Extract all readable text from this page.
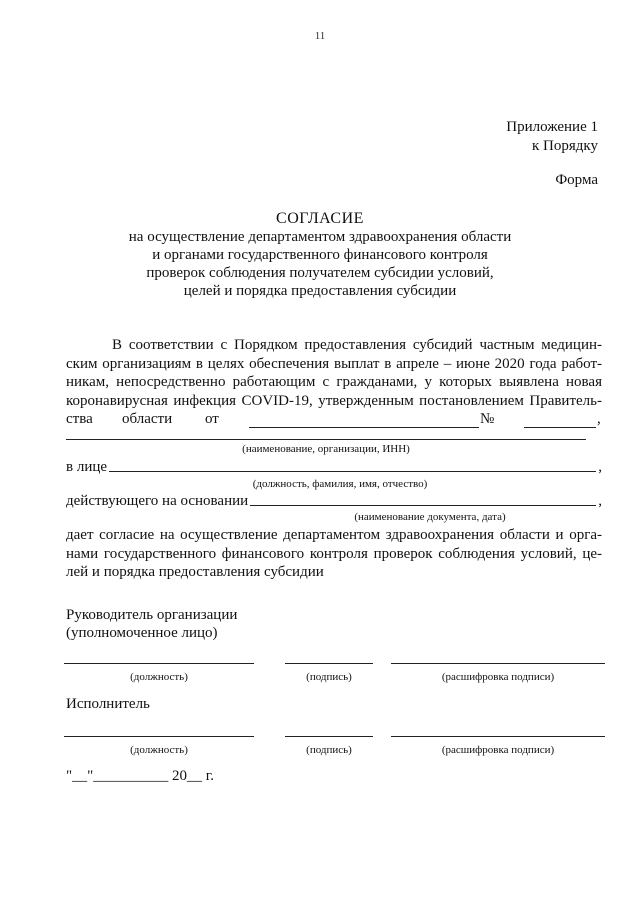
11
Приложение 1
к Порядку
Форма
СОГЛАСИЕ
на осуществление департаментом здравоохранения области
и органами государственного финансового контроля
проверок соблюдения получателем субсидии условий,
целей и порядка предоставления субсидии
В соответствии с Порядком предоставления субсидий частным медицин-
ским организациям в целях обеспечения выплат в апреле – июне 2020 года работ-
никам, непосредственно работающим с гражданами, у которых выявлена новая
коронавирусная инфекция COVID-19, утвержденным постановлением Правитель-
ства области от	№	,
(наименование, организации, ИНН)
в лице	,
(должность, фамилия, имя, отчество)
действующего на основании	,
(наименование документа, дата)
дает согласие на осуществление департаментом здравоохранения области и орга-
нами государственного финансового контроля проверок соблюдения условий, це-
лей и порядка предоставления субсидии
Руководитель организации
(уполномоченное лицо)
(должность)	(подпись)	(расшифровка подписи)
Исполнитель
(должность)	(подпись)	(расшифровка подписи)
"__"__________ 20__ г.
